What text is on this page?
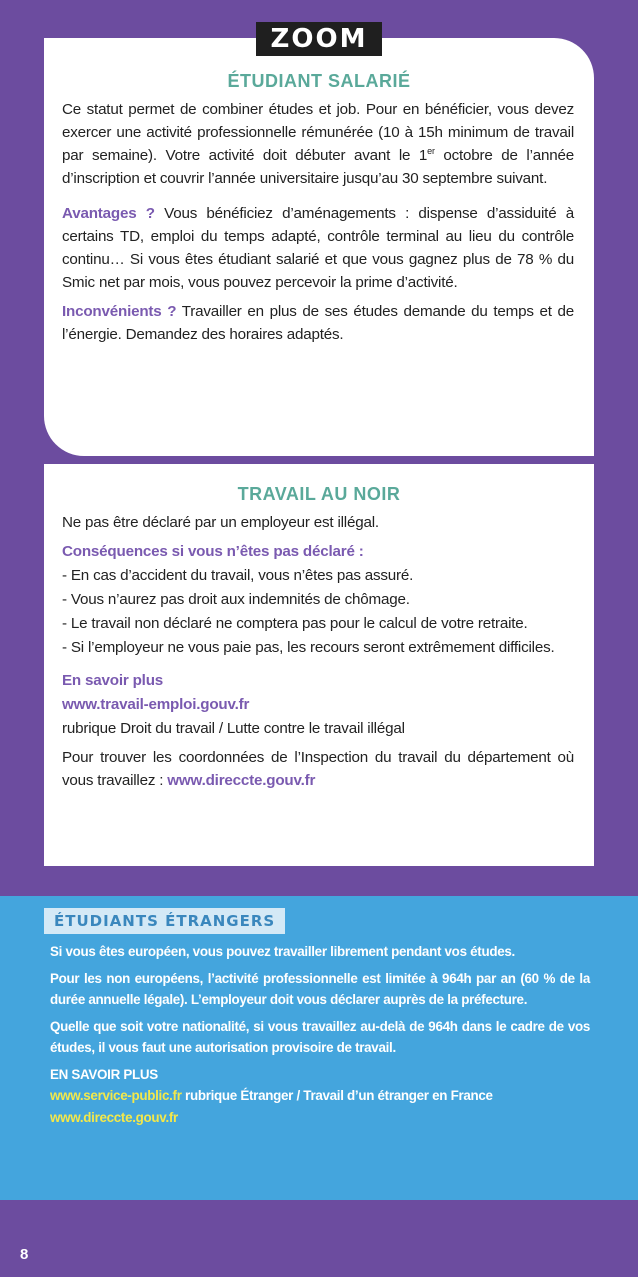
ZOOM
ÉTUDIANT SALARIÉ

Ce statut permet de combiner études et job. Pour en bénéficier, vous devez exercer une activité professionnelle rémunérée (10 à 15h minimum de travail par semaine). Votre activité doit débuter avant le 1er octobre de l’année d’inscription et couvrir l’année universitaire jusqu’au 30 septembre suivant.

Avantages ? Vous bénéficiez d’aménagements : dispense d’assiduité à certains TD, emploi du temps adapté, contrôle terminal au lieu du contrôle continu… Si vous êtes étudiant salarié et que vous gagnez plus de 78 % du Smic net par mois, vous pouvez percevoir la prime d’activité.

Inconvénients ? Travailler en plus de ses études demande du temps et de l’énergie. Demandez des horaires adaptés.

TRAVAIL AU NOIR

Ne pas être déclaré par un employeur est illégal.

Conséquences si vous n’êtes pas déclaré :

- En cas d’accident du travail, vous n’êtes pas assuré.

- Vous n’aurez pas droit aux indemnités de chômage.

- Le travail non déclaré ne comptera pas pour le calcul de votre retraite.

- Si l’employeur ne vous paie pas, les recours seront extrêmement difficiles.

En savoir plus

www.travail-emploi.gouv.fr

rubrique Droit du travail / Lutte contre le travail illégal

Pour trouver les coordonnées de l’Inspection du travail du département où vous travaillez : www.direccte.gouv.fr

ÉTUDIANTS ÉTRANGERS

Si vous êtes européen, vous pouvez travailler librement pendant vos études.

Pour les non européens, l’activité professionnelle est limitée à 964h par an (60 % de la durée annuelle légale). L’employeur doit vous déclarer auprès de la préfecture.

Quelle que soit votre nationalité, si vous travaillez au-delà de 964h dans le cadre de vos études, il vous faut une autorisation provisoire de travail.

EN SAVOIR PLUS

www.service-public.fr rubrique Étranger / Travail d’un étranger en France

www.direccte.gouv.fr

8
